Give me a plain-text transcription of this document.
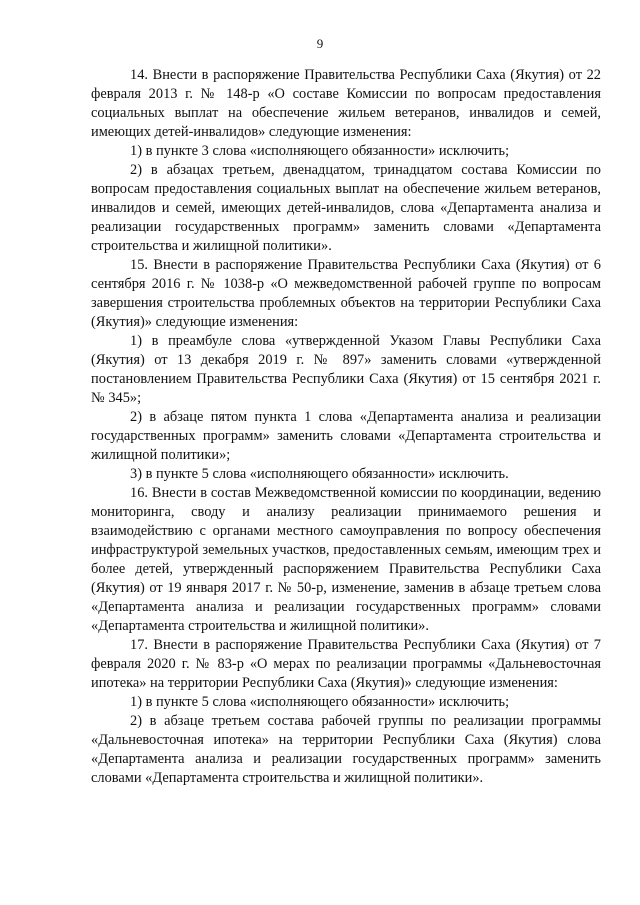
9

14. Внести в распоряжение Правительства Республики Саха (Якутия) от 22 февраля 2013 г. № 148-р «О составе Комиссии по вопросам предоставления социальных выплат на обеспечение жильем ветеранов, инвалидов и семей, имеющих детей-инвалидов» следующие изменения:

1) в пункте 3 слова «исполняющего обязанности» исключить;

2) в абзацах третьем, двенадцатом, тринадцатом состава Комиссии по вопросам предоставления социальных выплат на обеспечение жильем ветеранов, инвалидов и семей, имеющих детей-инвалидов, слова «Департамента анализа и реализации государственных программ» заменить словами «Департамента строительства и жилищной политики».

15. Внести в распоряжение Правительства Республики Саха (Якутия) от 6 сентября 2016 г. № 1038-р «О межведомственной рабочей группе по вопросам завершения строительства проблемных объектов на территории Республики Саха (Якутия)» следующие изменения:

1) в преамбуле слова «утвержденной Указом Главы Республики Саха (Якутия) от 13 декабря 2019 г. № 897» заменить словами «утвержденной постановлением Правительства Республики Саха (Якутия) от 15 сентября 2021 г. № 345»;

2) в абзаце пятом пункта 1 слова «Департамента анализа и реализации государственных программ» заменить словами «Департамента строительства и жилищной политики»;

3) в пункте 5 слова «исполняющего обязанности» исключить.

16. Внести в состав Межведомственной комиссии по координации, ведению мониторинга, своду и анализу реализации принимаемого решения и взаимодействию с органами местного самоуправления по вопросу обеспечения инфраструктурой земельных участков, предоставленных семьям, имеющим трех и более детей, утвержденный распоряжением Правительства Республики Саха (Якутия) от 19 января 2017 г. № 50-р, изменение, заменив в абзаце третьем слова «Департамента анализа и реализации государственных программ» словами «Департамента строительства и жилищной политики».

17. Внести в распоряжение Правительства Республики Саха (Якутия) от 7 февраля 2020 г. № 83-р «О мерах по реализации программы «Дальневосточная ипотека» на территории Республики Саха (Якутия)» следующие изменения:

1) в пункте 5 слова «исполняющего обязанности» исключить;

2) в абзаце третьем состава рабочей группы по реализации программы «Дальневосточная ипотека» на территории Республики Саха (Якутия) слова «Департамента анализа и реализации государственных программ» заменить словами «Департамента строительства и жилищной политики».
